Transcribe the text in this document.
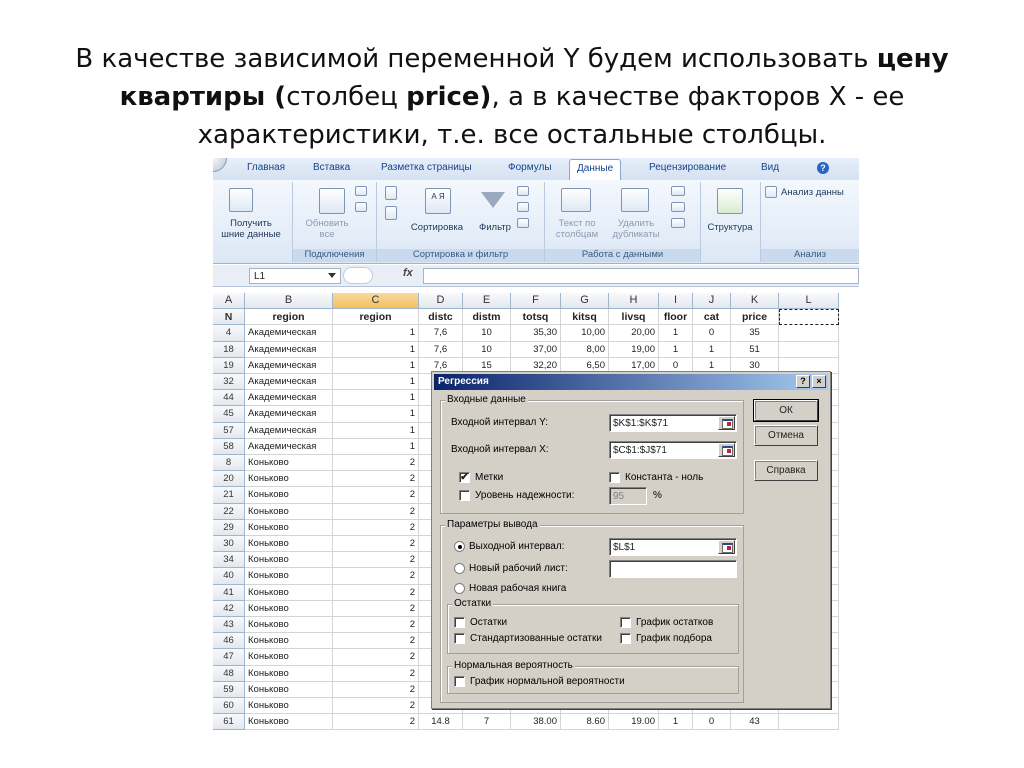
В качестве зависимой переменной Y будем использовать цену квартиры (столбец price), а в качестве факторов X - ее характеристики, т.е. все остальные столбцы.
Главная	Вставка	Разметка страницы	Формулы	Данные	Рецензирование	Вид	?
Получить
шние данные
Обновить
все
Подключения
А Я
Сортировка	Фильтр
Сортировка и фильтр
Текст по
столбцам
Удалить
дубликаты
Работа с данными
Структура
Анализ данны
Анализ
L1	fx
A	B	C	D	E	F	G	H	I	J	K	L
N	region	region	distc	distm	totsq	kitsq	livsq	floor	cat	price
4	Академическая	1	7,6	10	35,30	10,00	20,00	1	0	35
18	Академическая	1	7,6	10	37,00	8,00	19,00	1	1	51
19	Академическая	1	7,6	15	32,20	6,50	17,00	0	1	30
32	Академическая	1
44	Академическая	1
45	Академическая	1
57	Академическая	1
58	Академическая	1
8	Коньково	2
20	Коньково	2
21	Коньково	2
22	Коньково	2
29	Коньково	2
30	Коньково	2
34	Коньково	2
40	Коньково	2
41	Коньково	2
42	Коньково	2
43	Коньково	2
46	Коньково	2
47	Коньково	2
48	Коньково	2
59	Коньково	2
60	Коньково	2
61	Коньково	2	14.8	7	38.00	8.60	19.00	1	0	43
Регрессия	?	×
Входные данные
Входной интервал Y:	$K$1:$K$71
Входной интервал X:	$C$1:$J$71
✔ Метки	Константа - ноль
Уровень надежности:	95	%
Параметры вывода
Выходной интервал:	$L$1
Новый рабочий лист:
Новая рабочая книга
Остатки
Остатки	График остатков
Стандартизованные остатки	График подбора
Нормальная вероятность
График нормальной вероятности
ОК
Отмена
Справка
